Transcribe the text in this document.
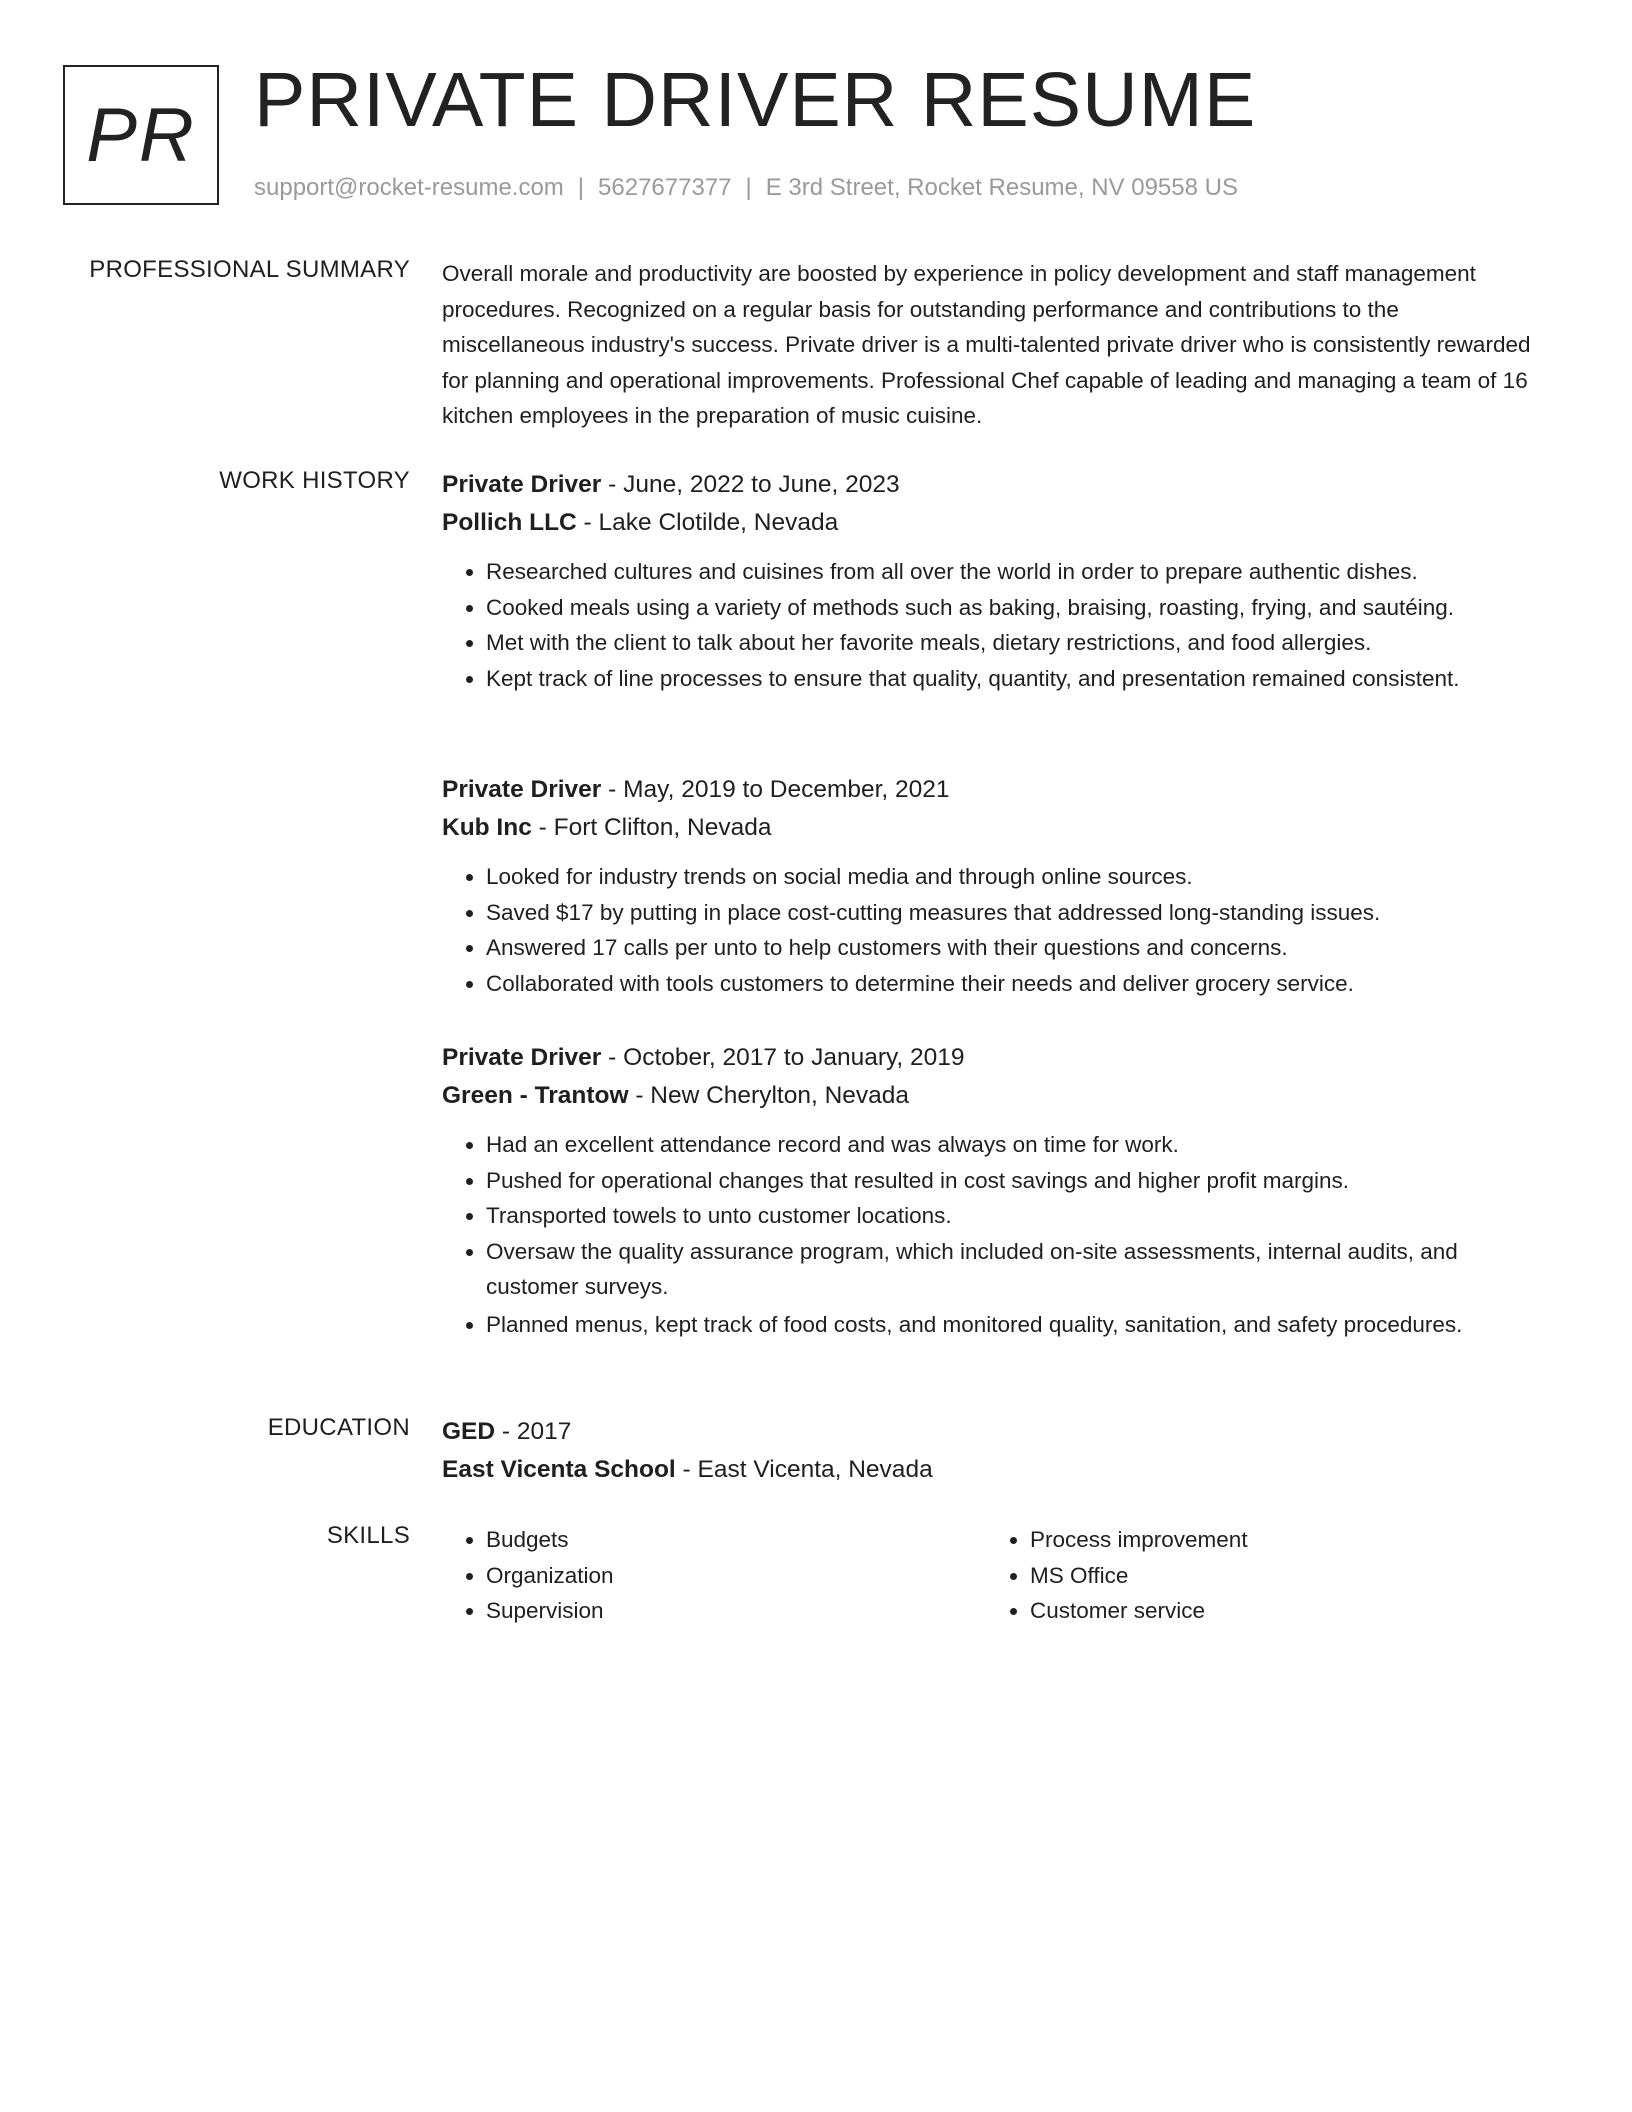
PR PRIVATE DRIVER RESUME
support@rocket-resume.com | 5627677377 | E 3rd Street, Rocket Resume, NV 09558 US
PROFESSIONAL SUMMARY Overall morale and productivity are boosted by experience in policy development and staff management procedures. Recognized on a regular basis for outstanding performance and contributions to the miscellaneous industry's success. Private driver is a multi-talented private driver who is consistently rewarded for planning and operational improvements. Professional Chef capable of leading and managing a team of 16 kitchen employees in the preparation of music cuisine.

WORK HISTORY Private Driver - June, 2022 to June, 2023
Pollich LLC - Lake Clotilde, Nevada
• Researched cultures and cuisines from all over the world in order to prepare authentic dishes.
• Cooked meals using a variety of methods such as baking, braising, roasting, frying, and sautéing.
• Met with the client to talk about her favorite meals, dietary restrictions, and food allergies.
• Kept track of line processes to ensure that quality, quantity, and presentation remained consistent.
Private Driver - May, 2019 to December, 2021
Kub Inc - Fort Clifton, Nevada
• Looked for industry trends on social media and through online sources.
• Saved $17 by putting in place cost-cutting measures that addressed long-standing issues.
• Answered 17 calls per unto to help customers with their questions and concerns.
• Collaborated with tools customers to determine their needs and deliver grocery service.
Private Driver - October, 2017 to January, 2019
Green - Trantow - New Cherylton, Nevada
• Had an excellent attendance record and was always on time for work.
• Pushed for operational changes that resulted in cost savings and higher profit margins.
• Transported towels to unto customer locations.
• Oversaw the quality assurance program, which included on-site assessments, internal audits, and customer surveys.
• Planned menus, kept track of food costs, and monitored quality, sanitation, and safety procedures.
EDUCATION GED - 2017
East Vicenta School - East Vicenta, Nevada
SKILLS
•	Budgets
• Organization
• Supervision
• Process improvement
• MS Office
• Customer service
